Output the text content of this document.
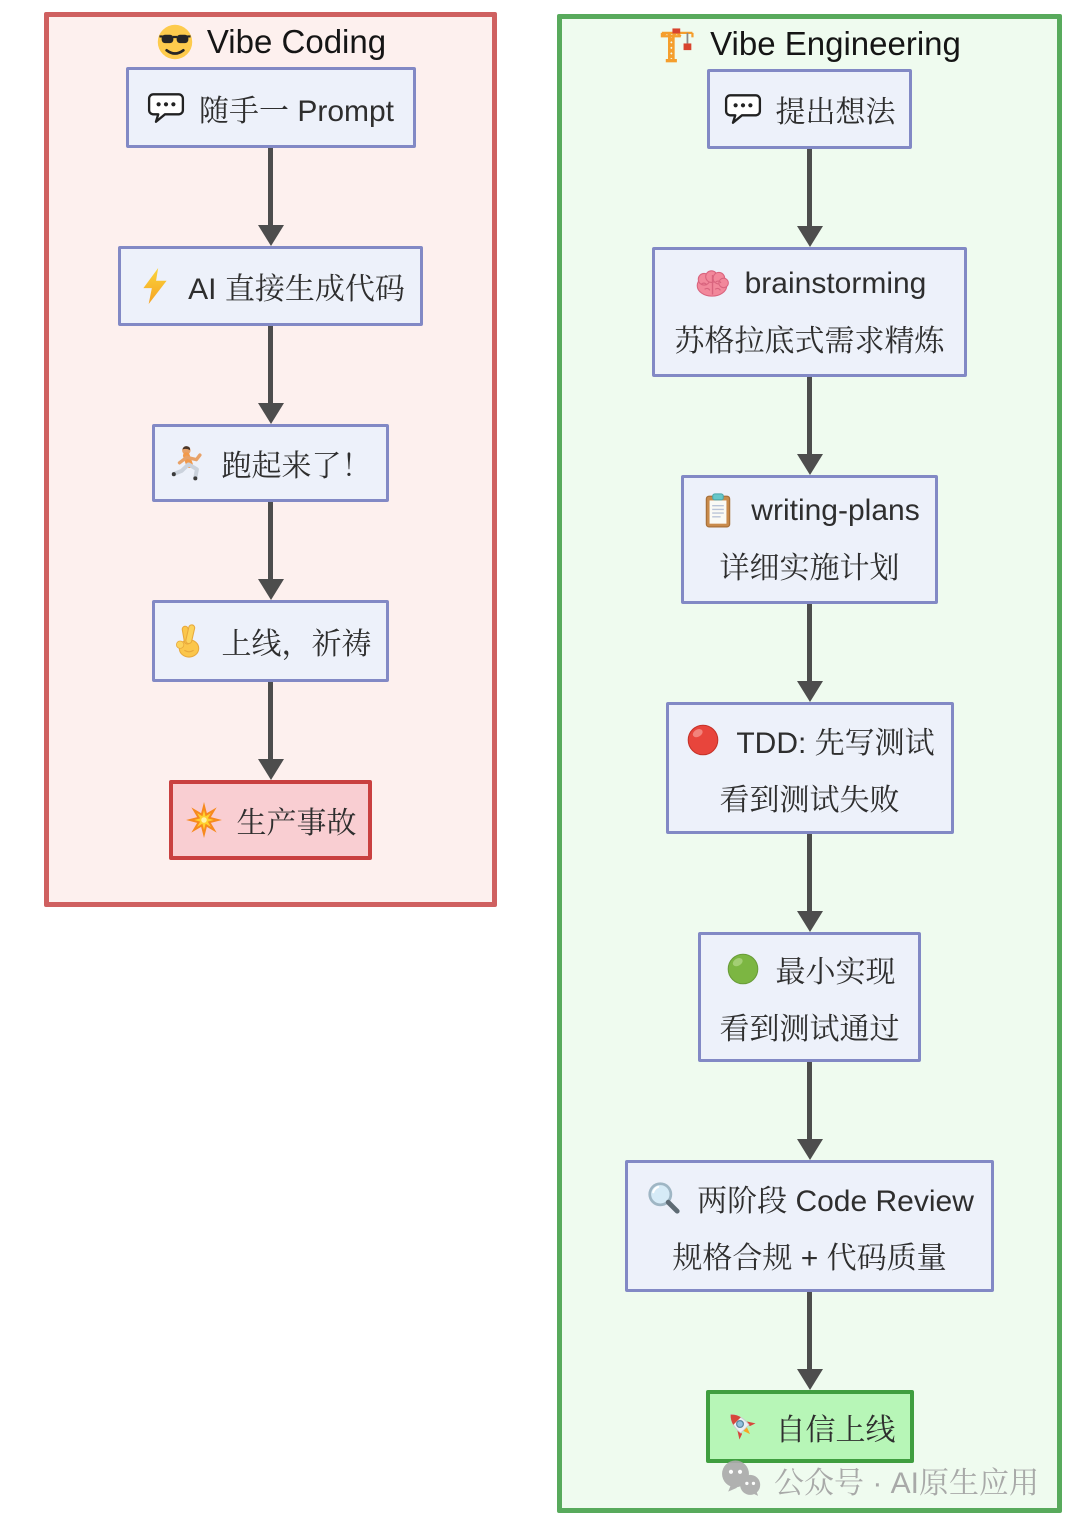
Vibe Coding
随手一 Prompt
AI 直接生成代码
跑起来了！
上线，祈祷
生产事故
Vibe Engineering
提出想法
brainstorming
苏格拉底式需求精炼
writing-plans
详细实施计划
TDD: 先写测试
看到测试失败
最小实现
看到测试通过
两阶段 Code Review
规格合规 + 代码质量
自信上线
公众号 · AI原生应用
